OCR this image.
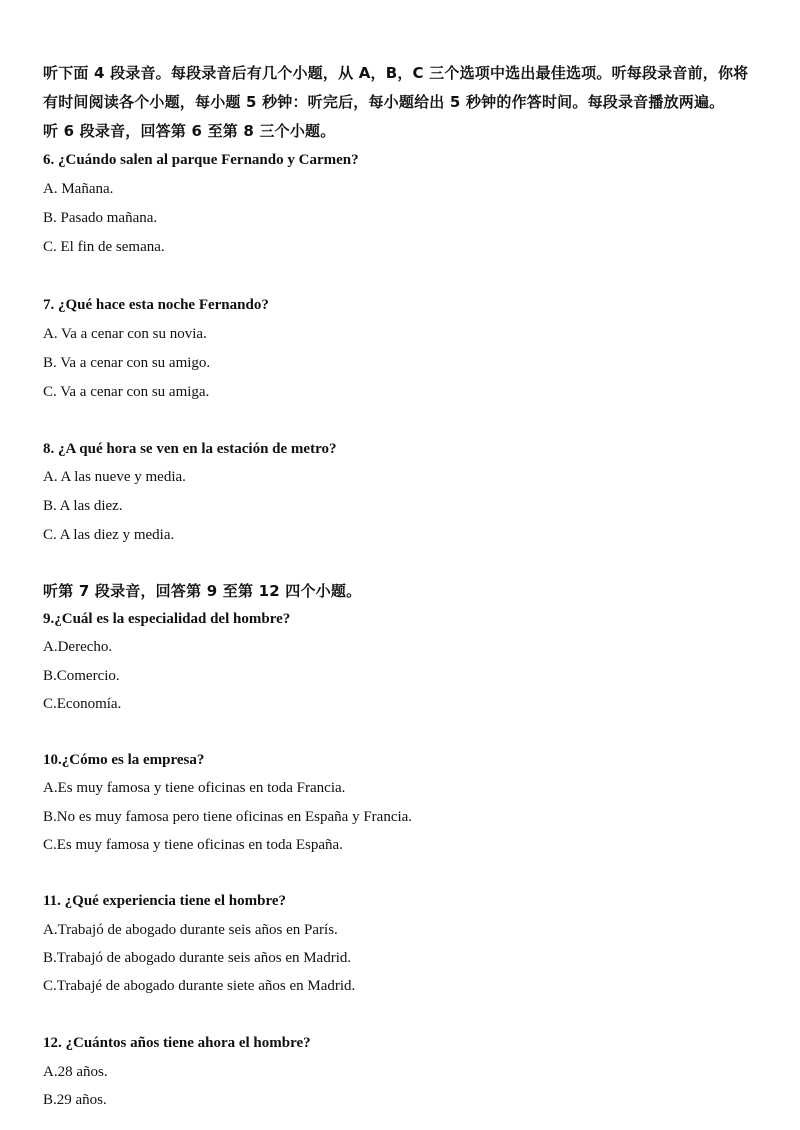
听下面 4 段录音。每段录音后有几个小题，从 A，B，C 三个选项中选出最佳选项。听每段录音前，你将
有时间阅读各个小题，每小题 5 秒钟：听完后，每小题给出 5 秒钟的作答时间。每段录音播放两遍。
听 6 段录音，回答第 6 至第 8 三个小题。
6. ¿Cuándo salen al parque Fernando y Carmen?
A. Mañana.
B. Pasado mañana.
C. El fin de semana.
7. ¿Qué hace esta noche Fernando?
A. Va a cenar con su novia.
B. Va a cenar con su amigo.
C. Va a cenar con su amiga.
8. ¿A qué hora se ven en la estación de metro?
A. A las nueve y media.
B. A las diez.
C. A las diez y media.
听第 7 段录音，回答第 9 至第 12 四个小题。
9.¿Cuál es la especialidad del hombre?
A.Derecho.
B.Comercio.
C.Economía.
10.¿Cómo es la empresa?
A.Es muy famosa y tiene oficinas en toda Francia.
B.No es muy famosa pero tiene oficinas en España y Francia.
C.Es muy famosa y tiene oficinas en toda España.
11. ¿Qué experiencia tiene el hombre?
A.Trabajó de abogado durante seis años en París.
B.Trabajó de abogado durante seis años en Madrid.
C.Trabajé de abogado durante siete años en Madrid.
12. ¿Cuántos años tiene ahora el hombre?
A.28 años.
B.29 años.
